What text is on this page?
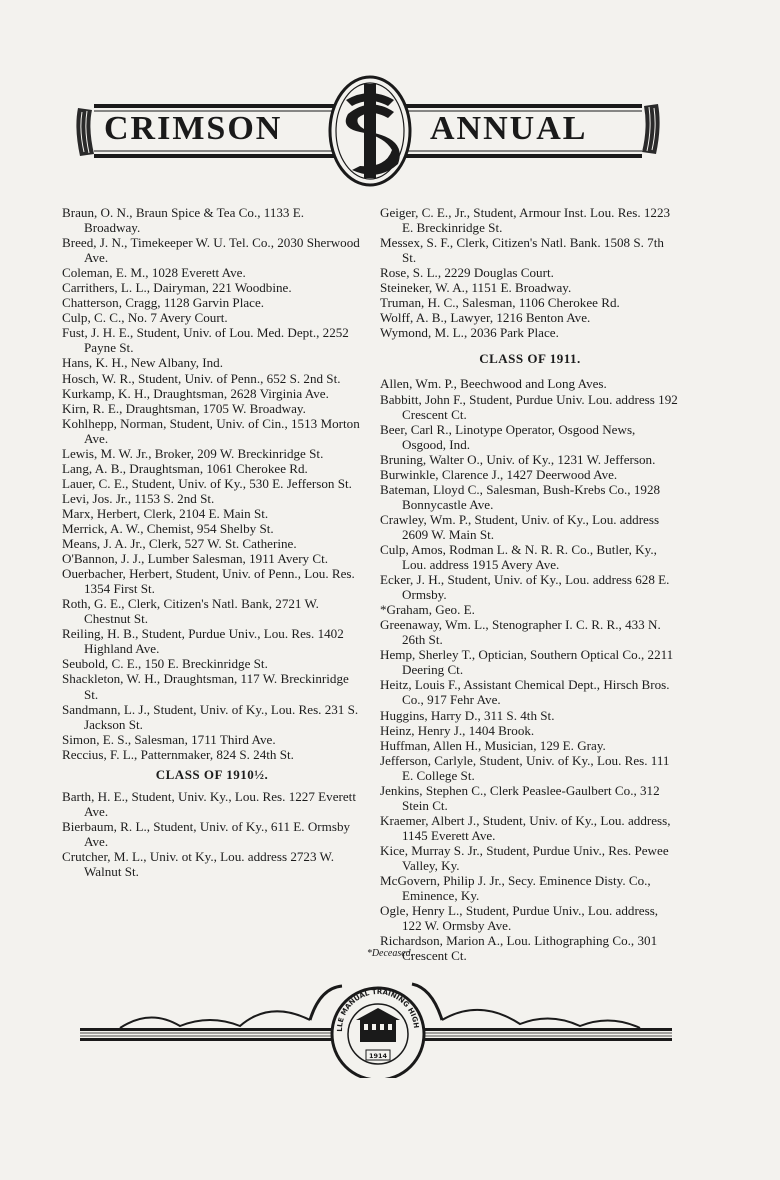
CRIMSON	ANNUAL

Braun, O. N., Braun Spice & Tea Co., 1133 E. Broadway.

Breed, J. N., Timekeeper W. U. Tel. Co., 2030 Sherwood Ave.

Coleman, E. M., 1028 Everett Ave.

Carrithers, L. L., Dairyman, 221 Woodbine.

Chatterson, Cragg, 1128 Garvin Place.

Culp, C. C., No. 7 Avery Court.

Fust, J. H. E., Student, Univ. of Lou. Med. Dept., 2252 Payne St.

Hans, K. H., New Albany, Ind.

Hosch, W. R., Student, Univ. of Penn., 652 S. 2nd St.

Kurkamp, K. H., Draughtsman, 2628 Virginia Ave.

Kirn, R. E., Draughtsman, 1705 W. Broadway.

Kohlhepp, Norman, Student, Univ. of Cin., 1513 Morton Ave.

Lewis, M. W. Jr., Broker, 209 W. Breckinridge St.

Lang, A. B., Draughtsman, 1061 Cherokee Rd.

Lauer, C. E., Student, Univ. of Ky., 530 E. Jefferson St.

Levi, Jos. Jr., 1153 S. 2nd St.

Marx, Herbert, Clerk, 2104 E. Main St.

Merrick, A. W., Chemist, 954 Shelby St.

Means, J. A. Jr., Clerk, 527 W. St. Catherine.

O'Bannon, J. J., Lumber Salesman, 1911 Avery Ct.

Ouerbacher, Herbert, Student, Univ. of Penn., Lou. Res. 1354 First St.

Roth, G. E., Clerk, Citizen's Natl. Bank, 2721 W. Chestnut St.

Reiling, H. B., Student, Purdue Univ., Lou. Res. 1402 Highland Ave.

Seubold, C. E., 150 E. Breckinridge St.

Shackleton, W. H., Draughtsman, 117 W. Breckinridge St.

Sandmann, L. J., Student, Univ. of Ky., Lou. Res. 231 S. Jackson St.

Simon, E. S., Salesman, 1711 Third Ave.

Reccius, F. L., Patternmaker, 824 S. 24th St.

CLASS OF 1910½.

Barth, H. E., Student, Univ. Ky., Lou. Res. 1227 Everett Ave.

Bierbaum, R. L., Student, Univ. of Ky., 611 E. Ormsby Ave.

Crutcher, M. L., Univ. ot Ky., Lou. address 2723 W. Walnut St.

Geiger, C. E., Jr., Student, Armour Inst. Lou. Res. 1223 E. Breckinridge St.

Messex, S. F., Clerk, Citizen's Natl. Bank. 1508 S. 7th St.

Rose, S. L., 2229 Douglas Court.

Steineker, W. A., 1151 E. Broadway.

Truman, H. C., Salesman, 1106 Cherokee Rd.

Wolff, A. B., Lawyer, 1216 Benton Ave.

Wymond, M. L., 2036 Park Place.

CLASS OF 1911.

Allen, Wm. P., Beechwood and Long Aves.

Babbitt, John F., Student, Purdue Univ. Lou. address 192 Crescent Ct.

Beer, Carl R., Linotype Operator, Osgood News, Osgood, Ind.

Bruning, Walter O., Univ. of Ky., 1231 W. Jefferson.

Burwinkle, Clarence J., 1427 Deerwood Ave.

Bateman, Lloyd C., Salesman, Bush-Krebs Co., 1928 Bonnycastle Ave.

Crawley, Wm. P., Student, Univ. of Ky., Lou. address 2609 W. Main St.

Culp, Amos, Rodman L. & N. R. R. Co., Butler, Ky., Lou. address 1915 Avery Ave.

Ecker, J. H., Student, Univ. of Ky., Lou. address 628 E. Ormsby.

*Graham, Geo. E.

Greenaway, Wm. L., Stenographer I. C. R. R., 433 N. 26th St.

Hemp, Sherley T., Optician, Southern Optical Co., 2211 Deering Ct.

Heitz, Louis F., Assistant Chemical Dept., Hirsch Bros. Co., 917 Fehr Ave.

Huggins, Harry D., 311 S. 4th St.

Heinz, Henry J., 1404 Brook.

Huffman, Allen H., Musician, 129 E. Gray.

Jefferson, Carlyle, Student, Univ. of Ky., Lou. Res. 111 E. College St.

Jenkins, Stephen C., Clerk Peaslee-Gaulbert Co., 312 Stein Ct.

Kraemer, Albert J., Student, Univ. of Ky., Lou. address, 1145 Everett Ave.

Kice, Murray S. Jr., Student, Purdue Univ., Res. Pewee Valley, Ky.

McGovern, Philip J. Jr., Secy. Eminence Disty. Co., Eminence, Ky.

Ogle, Henry L., Student, Purdue Univ., Lou. address, 122 W. Ormsby Ave.

Richardson, Marion A., Lou. Lithographing Co., 301 Crescent Ct.

*Deceased.
LLE MANUAL TRAINING HIGH
1914
